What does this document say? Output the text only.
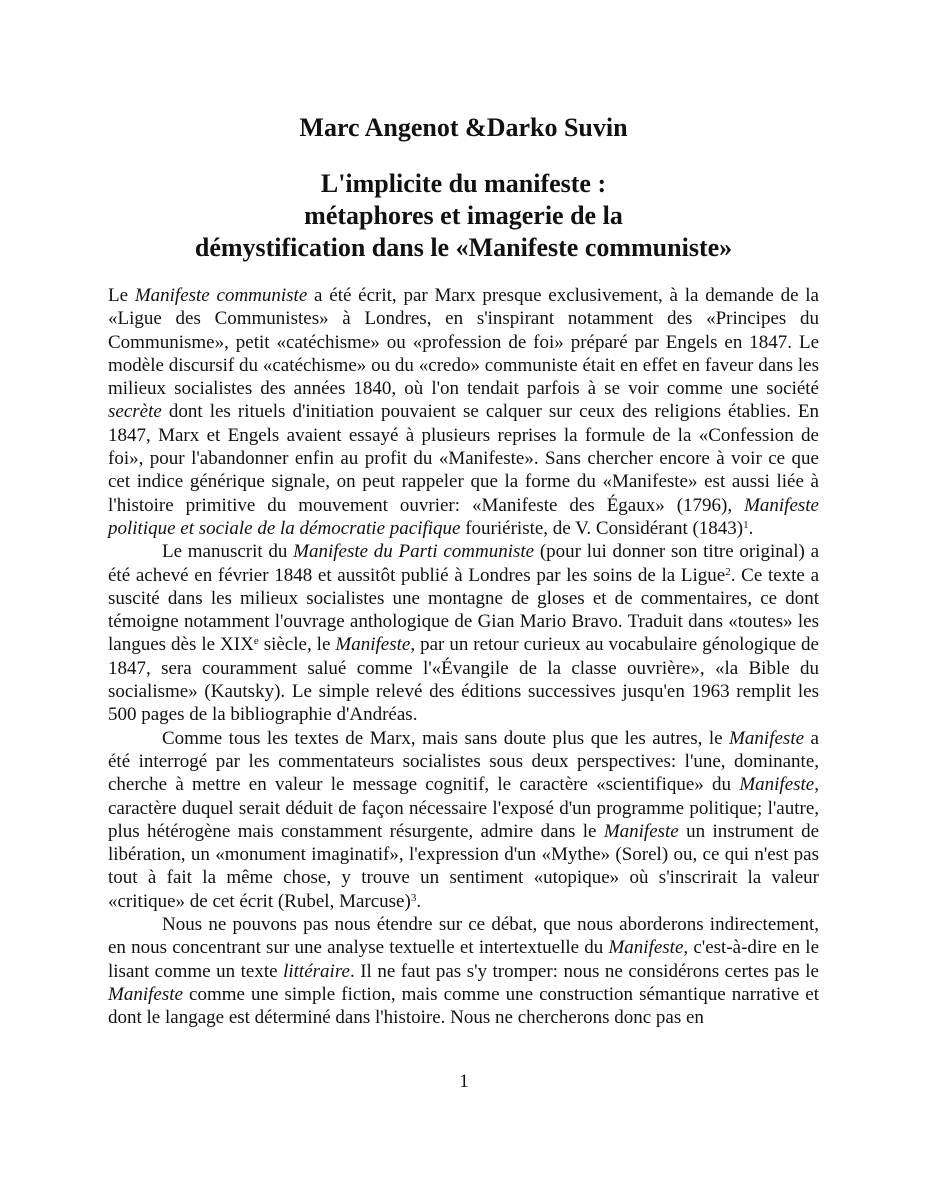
Marc Angenot &Darko Suvin
L'implicite du manifeste :
métaphores et imagerie de la
démystification dans le «Manifeste communiste»

Le Manifeste communiste a été écrit, par Marx presque exclusivement, à la demande de la «Ligue des Communistes» à Londres, en s'inspirant notamment des «Principes du Communisme», petit «catéchisme» ou «profession de foi» préparé par Engels en 1847. Le modèle discursif du «catéchisme» ou du «credo» communiste était en effet en faveur dans les milieux socialistes des années 1840, où l'on tendait parfois à se voir comme une société secrète dont les rituels d'initiation pouvaient se calquer sur ceux des religions établies. En 1847, Marx et Engels avaient essayé à plusieurs reprises la formule de la «Confession de foi», pour l'abandonner enfin au profit du «Manifeste». Sans chercher encore à voir ce que cet indice générique signale, on peut rappeler que la forme du «Manifeste» est aussi liée à l'histoire primitive du mouvement ouvrier: «Manifeste des Égaux» (1796), Manifeste politique et sociale de la démocratie pacifique fouriériste, de V. Considérant $(1843)^1$.

Le manuscrit du Manifeste du Parti communiste (pour lui donner son titre original) a été achevé en février 1848 et aussitôt publié à Londres par les soins de la Ligue$^2$. Ce texte a suscité dans les milieux socialistes une montagne de gloses et de commentaires, ce dont témoigne notamment l'ouvrage anthologique de Gian Mario Bravo. Traduit dans «toutes» les langues dès le XIXe siècle, le Manifeste, par un retour curieux au vocabulaire génologique de 1847, sera couramment salué comme l'«Évangile de la classe ouvrière», «la Bible du socialisme» (Kautsky). Le simple relevé des éditions successives jusqu'en 1963 remplit les 500 pages de la bibliographie d'Andréas.

Comme tous les textes de Marx, mais sans doute plus que les autres, le Manifeste a été interrogé par les commentateurs socialistes sous deux perspectives: l'une, dominante, cherche à mettre en valeur le message cognitif, le caractère «scientifique» du Manifeste, caractère duquel serait déduit de façon nécessaire l'exposé d'un programme politique; l'autre, plus hétérogène mais constamment résurgente, admire dans le Manifeste un instrument de libération, un «monument imaginatif», l'expression d'un «Mythe» (Sorel) ou, ce qui n'est pas tout à fait la même chose, y trouve un sentiment «utopique» où s'inscrirait la valeur «critique» de cet écrit (Rubel, Marcuse)$^3$.

Nous ne pouvons pas nous étendre sur ce débat, que nous aborderons indirectement, en nous concentrant sur une analyse textuelle et intertextuelle du Manifeste, c'est-à-dire en le lisant comme un texte littéraire. Il ne faut pas s'y tromper: nous ne considérons certes pas le Manifeste comme une simple fiction, mais comme une construction sémantique narrative et dont le langage est déterminé dans l'histoire. Nous ne chercherons donc pas en

1
